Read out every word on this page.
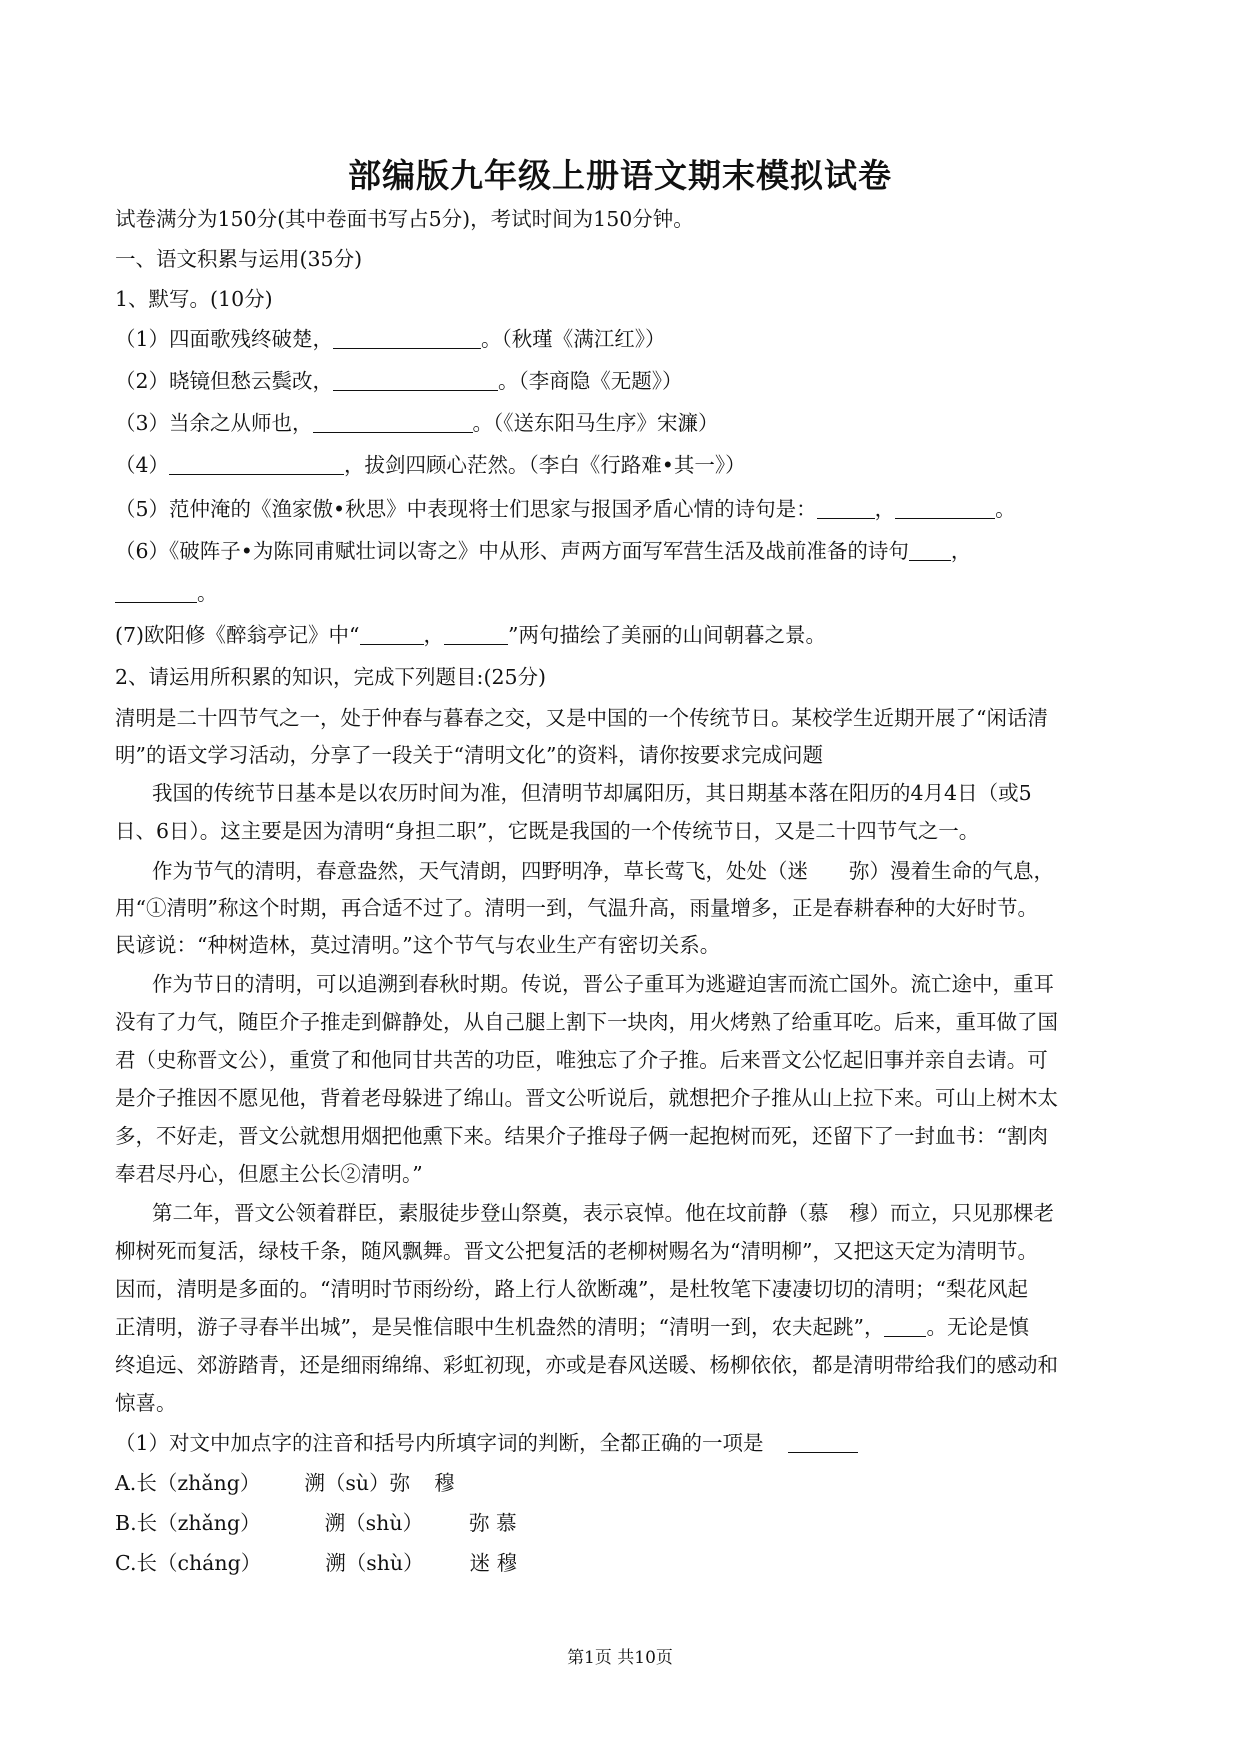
部编版九年级上册语文期末模拟试卷
试卷满分为150分(其中卷面书写占5分)，考试时间为150分钟。
一、语文积累与运用(35分)
1、默写。(10分)
（1）四面歌残终破楚，	。（秋瑾《满江红》）
（2）晓镜但愁云鬓改，	。（李商隐《无题》）
（3）当余之从师也，	。（《送东阳马生序》宋濂）
（4）	，拔剑四顾心茫然。（李白《行路难•其一》）
（5）范仲淹的《渔家傲•秋思》中表现将士们思家与报国矛盾心情的诗句是：	，	。
（6）《破阵子•为陈同甫赋壮词以寄之》中从形、声两方面写军营生活及战前准备的诗句 ，
。
(7)欧阳修《醉翁亭记》中“	，	”两句描绘了美丽的山间朝暮之景。
2、请运用所积累的知识，完成下列题目:(25分)
清明是二十四节气之一，处于仲春与暮春之交，又是中国的一个传统节日。某校学生近期开展了“闲话清
明”的语文学习活动，分享了一段关于“清明文化”的资料，请你按要求完成问题
我国的传统节日基本是以农历时间为准，但清明节却属阳历，其日期基本落在阳历的4月4日（或5
日、6日）。这主要是因为清明“身担二职”，它既是我国的一个传统节日，又是二十四节气之一。
作为节气的清明，春意盎然，天气清朗，四野明净，草长莺飞，处处（迷　　弥）漫着生命的气息，
用“①清明”称这个时期，再合适不过了。清明一到，气温升高，雨量增多，正是春耕春种的大好时节。
民谚说：“种树造林，莫过清明。”这个节气与农业生产有密切关系。
作为节日的清明，可以追溯到春秋时期。传说，晋公子重耳为逃避迫害而流亡国外。流亡途中，重耳
没有了力气，随臣介子推走到僻静处，从自己腿上割下一块肉，用火烤熟了给重耳吃。后来，重耳做了国
君（史称晋文公），重赏了和他同甘共苦的功臣，唯独忘了介子推。后来晋文公忆起旧事并亲自去请。可
是介子推因不愿见他，背着老母躲进了绵山。晋文公听说后，就想把介子推从山上拉下来。可山上树木太
多，不好走，晋文公就想用烟把他熏下来。结果介子推母子俩一起抱树而死，还留下了一封血书：“割肉
奉君尽丹心，但愿主公长②清明。”
第二年，晋文公领着群臣，素服徒步登山祭奠，表示哀悼。他在坟前静（慕　穆）而立，只见那棵老
柳树死而复活，绿枝千条，随风飘舞。晋文公把复活的老柳树赐名为“清明柳”，又把这天定为清明节。
因而，清明是多面的。“清明时节雨纷纷，路上行人欲断魂”，是杜牧笔下凄凄切切的清明；“梨花风起
正清明，游子寻春半出城”，是吴惟信眼中生机盎然的清明；“清明一到，农夫起跳”， 。无论是慎
终追远、郊游踏青，还是细雨绵绵、彩虹初现，亦或是春风送暖、杨柳依依，都是清明带给我们的感动和
惊喜。
（1）对文中加点字的注音和括号内所填字词的判断，全都正确的一项是
A.长（zhǎng） 溯（sù）弥 穆
B.长（zhǎng）	溯（shù） 弥 慕
C.长（cháng）	溯（shù） 迷 穆
第1页 共10页
